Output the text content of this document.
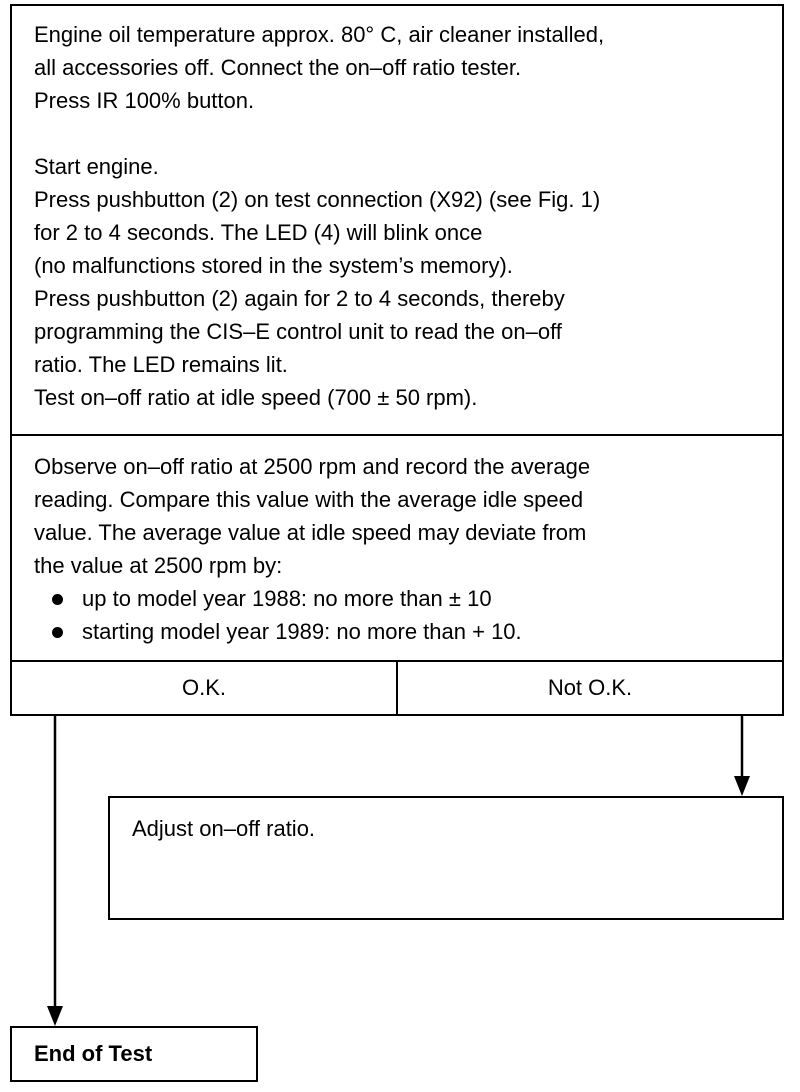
Engine oil temperature approx. 80° C, air cleaner installed,

all accessories off. Connect the on–off ratio tester.

Press IR 100% button.

Start engine.

Press pushbutton (2) on test connection (X92) (see Fig. 1)

for 2 to 4 seconds. The LED (4) will blink once

(no malfunctions stored in the system’s memory).

Press pushbutton (2) again for 2 to 4 seconds, thereby

programming the CIS–E control unit to read the on–off

ratio. The LED remains lit.

Test on–off ratio at idle speed (700 ± 50 rpm).

Observe on–off ratio at 2500 rpm and record the average

reading. Compare this value with the average idle speed

value. The average value at idle speed may deviate from

the value at 2500 rpm by:

up to model year 1988: no more than ± 10
starting model year 1989: no more than + 10.
O.K.	Not O.K.

Adjust on–off ratio.

End of Test
